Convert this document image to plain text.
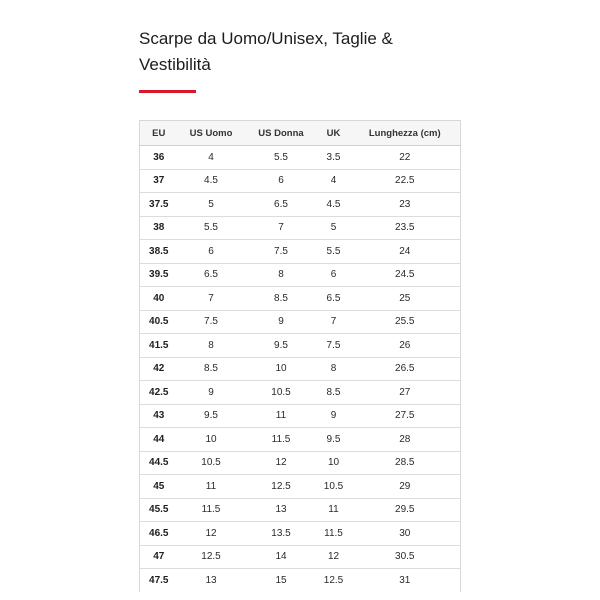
Scarpe da Uomo/Unisex, Taglie & Vestibilità
EU	US Uomo	US Donna	UK	Lunghezza (cm)
36	4	5.5	3.5	22
37	4.5	6	4	22.5
37.5	5	6.5	4.5	23
38	5.5	7	5	23.5
38.5	6	7.5	5.5	24
39.5	6.5	8	6	24.5
40	7	8.5	6.5	25
40.5	7.5	9	7	25.5
41.5	8	9.5	7.5	26
42	8.5	10	8	26.5
42.5	9	10.5	8.5	27
43	9.5	11	9	27.5
44	10	11.5	9.5	28
44.5	10.5	12	10	28.5
45	11	12.5	10.5	29
45.5	11.5	13	11	29.5
46.5	12	13.5	11.5	30
47	12.5	14	12	30.5
47.5	13	15	12.5	31
